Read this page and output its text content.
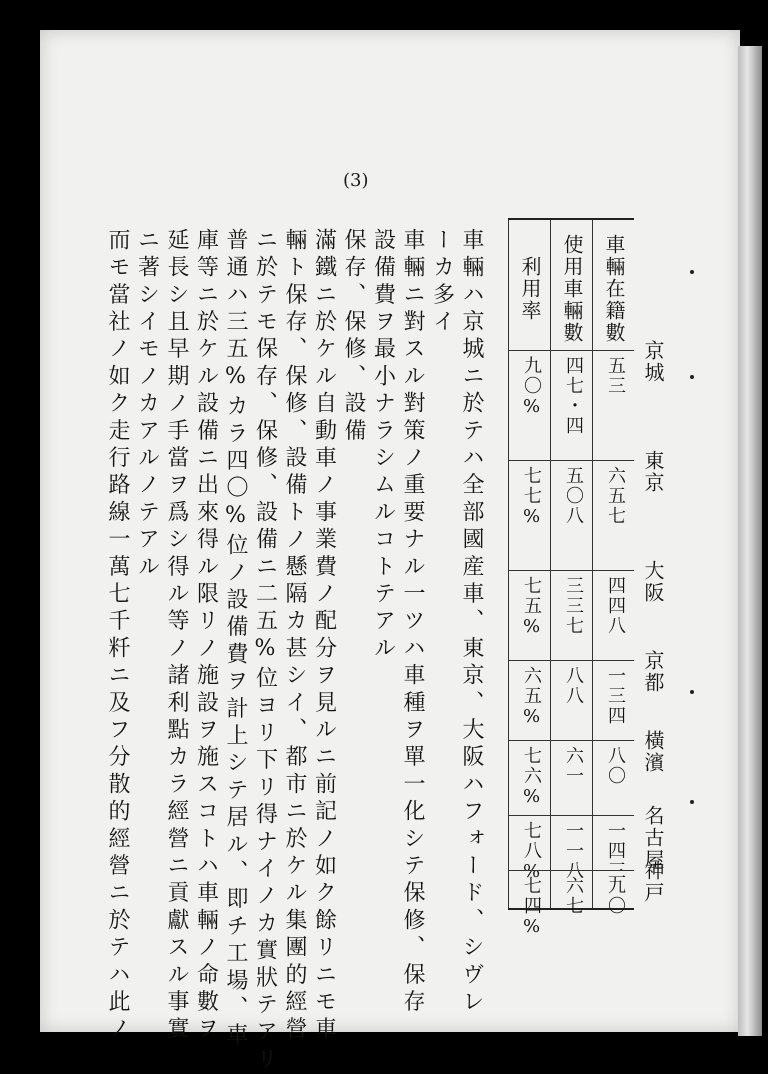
(3)
車輛在籍數
使用車輛數
利用率
京城
東京
大阪
京都
橫濱
名古屋
神戸
五三
四七・四
九〇%
六五七
五〇八
七七%
四四八
三三七
七五%
一三四
八八
六五%
八〇
六一
七六%
一四三
一一八
七八%
九〇
六七
七四%
車輛ハ京城ニ於テハ全部國産車、東京、大阪ハフォード、シヴレ
ーカ多イ
車輛ニ對スル對策ノ重要ナル一ツハ車種ヲ單一化シテ保修、保存
設備費ヲ最小ナラシムルコトテアル
保存、保修、設備
滿鐵ニ於ケル自動車ノ事業費ノ配分ヲ見ルニ前記ノ如ク餘リニモ車
輛ト保存、保修、設備トノ懸隔カ甚シイ、都市ニ於ケル集團的經營
ニ於テモ保存、保修、設備ニ二五%位ヨリ下リ得ナイノカ實狀テアリ
普通ハ三五%カラ四〇%位ノ設備費ヲ計上シテ居ル、即チ工場、車
庫等ニ於ケル設備ニ出來得ル限リノ施設ヲ施スコトハ車輛ノ命數ヲ
延長シ且早期ノ手當ヲ爲シ得ル等ノ諸利點カラ經營ニ貢獻スル事實
ニ著シイモノカアルノテアル
而モ當社ノ如ク走行路線一萬七千粁ニ及フ分散的經營ニ於テハ此ノ
